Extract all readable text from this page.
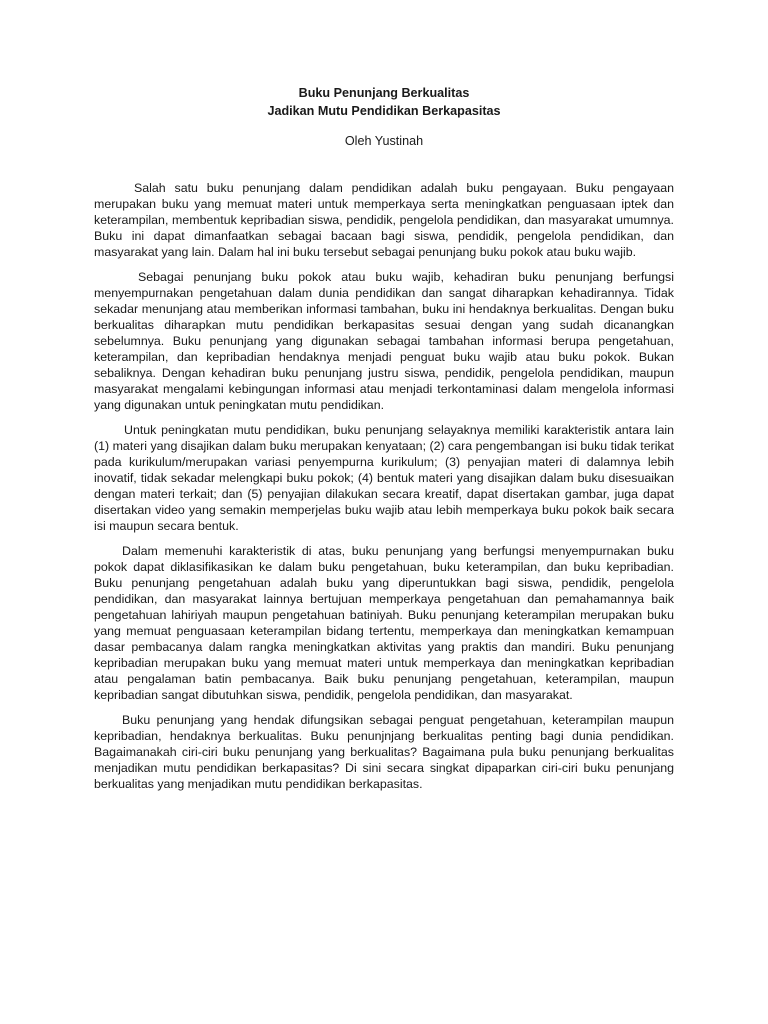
Buku Penunjang Berkualitas

Jadikan Mutu Pendidikan Berkapasitas

Oleh Yustinah

Salah satu buku penunjang dalam pendidikan adalah buku pengayaan. Buku pengayaan merupakan buku yang memuat materi untuk memperkaya serta meningkatkan penguasaan iptek dan keterampilan, membentuk kepribadian siswa, pendidik, pengelola pendidikan, dan masyarakat umumnya. Buku ini dapat dimanfaatkan sebagai bacaan bagi siswa, pendidik, pengelola pendidikan, dan masyarakat yang lain. Dalam hal ini buku tersebut sebagai penunjang buku pokok atau buku wajib.

Sebagai penunjang buku pokok atau buku wajib, kehadiran buku penunjang berfungsi menyempurnakan pengetahuan dalam dunia pendidikan dan sangat diharapkan kehadirannya. Tidak sekadar menunjang atau memberikan informasi tambahan, buku ini hendaknya berkualitas. Dengan buku berkualitas diharapkan mutu pendidikan berkapasitas sesuai dengan yang sudah dicanangkan sebelumnya. Buku penunjang yang digunakan sebagai tambahan informasi berupa pengetahuan, keterampilan, dan kepribadian hendaknya menjadi penguat buku wajib atau buku pokok. Bukan sebaliknya. Dengan kehadiran buku penunjang justru siswa, pendidik, pengelola pendidikan, maupun masyarakat mengalami kebingungan informasi atau menjadi terkontaminasi dalam mengelola informasi yang digunakan untuk peningkatan mutu pendidikan.

Untuk peningkatan mutu pendidikan, buku penunjang selayaknya memiliki karakteristik antara lain (1) materi yang disajikan dalam buku merupakan kenyataan; (2) cara pengembangan isi buku tidak terikat pada kurikulum/merupakan variasi penyempurna kurikulum; (3) penyajian materi di dalamnya lebih inovatif, tidak sekadar melengkapi buku pokok; (4) bentuk materi yang disajikan dalam buku disesuaikan dengan materi terkait; dan (5) penyajian dilakukan secara kreatif, dapat disertakan gambar, juga dapat disertakan video yang semakin memperjelas buku wajib atau lebih memperkaya buku pokok baik secara isi maupun secara bentuk.

Dalam memenuhi karakteristik di atas, buku penunjang yang berfungsi menyempurnakan buku pokok dapat diklasifikasikan ke dalam buku pengetahuan, buku keterampilan, dan buku kepribadian. Buku penunjang pengetahuan adalah buku yang diperuntukkan bagi siswa, pendidik, pengelola pendidikan, dan masyarakat lainnya bertujuan memperkaya pengetahuan dan pemahamannya baik pengetahuan lahiriyah maupun pengetahuan batiniyah. Buku penunjang keterampilan merupakan buku yang memuat penguasaan keterampilan bidang tertentu, memperkaya dan meningkatkan kemampuan dasar pembacanya dalam rangka meningkatkan aktivitas yang praktis dan mandiri. Buku penunjang kepribadian merupakan buku yang memuat materi untuk memperkaya dan meningkatkan kepribadian atau pengalaman batin pembacanya. Baik buku penunjang pengetahuan, keterampilan, maupun kepribadian sangat dibutuhkan siswa, pendidik, pengelola pendidikan, dan masyarakat.

Buku penunjang yang hendak difungsikan sebagai penguat pengetahuan, keterampilan maupun kepribadian, hendaknya berkualitas. Buku penunjnjang berkualitas penting bagi dunia pendidikan. Bagaimanakah ciri-ciri buku penunjang yang berkualitas? Bagaimana pula buku penunjang berkualitas menjadikan mutu pendidikan berkapasitas? Di sini secara singkat dipaparkan ciri-ciri buku penunjang berkualitas yang menjadikan mutu pendidikan berkapasitas.
